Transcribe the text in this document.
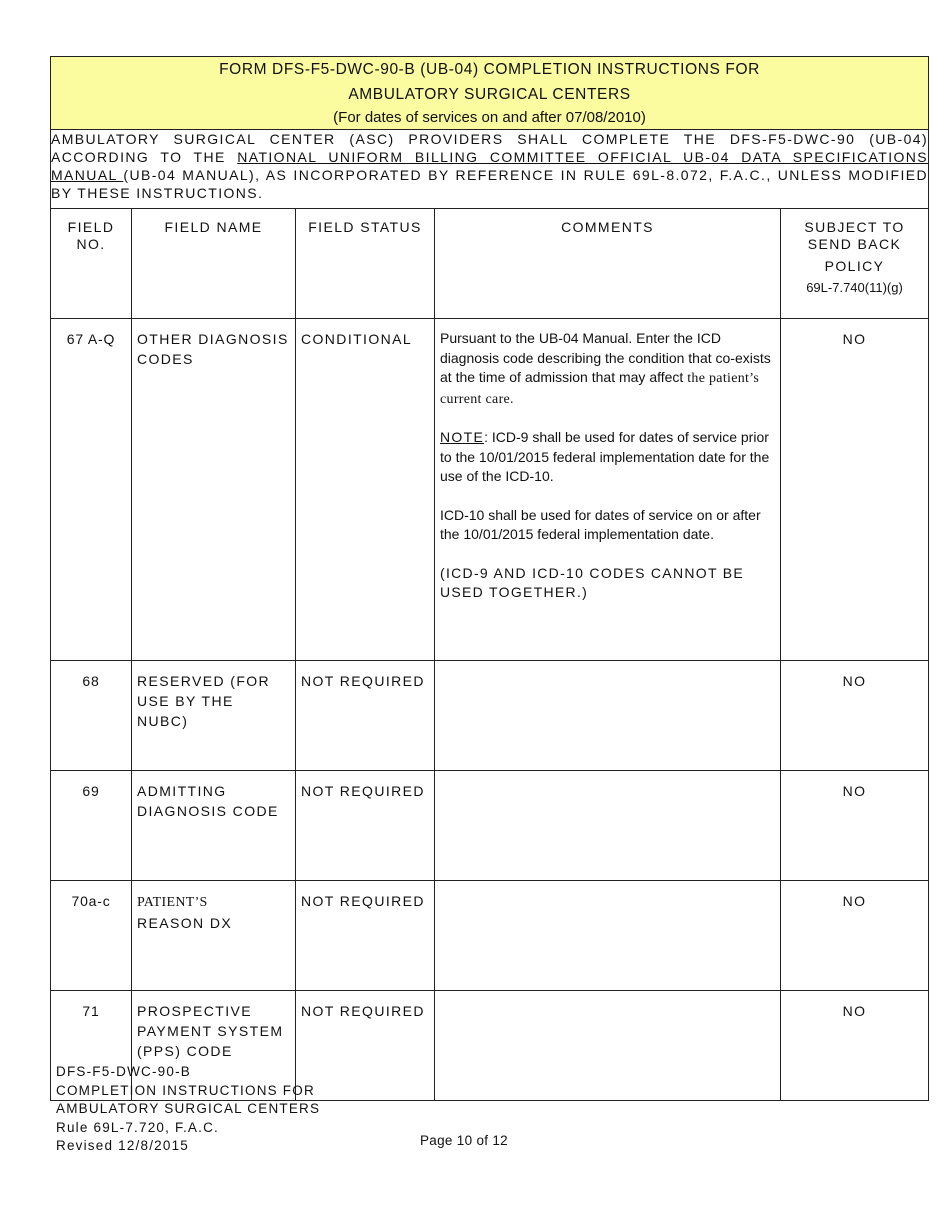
FORM DFS-F5-DWC-90-B (UB-04) COMPLETION INSTRUCTIONS FOR
AMBULATORY SURGICAL CENTERS
(For dates of services on and after 07/08/2010)				

AMBULATORY SURGICAL CENTER (ASC) PROVIDERS SHALL COMPLETE THE DFS-F5-DWC-90 (UB-04) ACCORDING TO THE NATIONAL UNIFORM BILLING COMMITTEE OFFICIAL UB-04 DATA SPECIFICATIONS MANUAL (UB-04 MANUAL), AS INCORPORATED BY REFERENCE IN RULE 69L-8.072, F.A.C., UNLESS MODIFIED BY THESE INSTRUCTIONS.				

FIELD
NO.	FIELD NAME	FIELD STATUS	COMMENTS	SUBJECT TO
SEND BACK
POLICY
69L-7.740(11)(g)

67 A-Q	OTHER DIAGNOSIS CODES	CONDITIONAL	Pursuant to the UB-04 Manual. Enter the ICD diagnosis code describing the condition that co-exists at the time of admission that may affect the patient’s current care.

NOTE: ICD-9 shall be used for dates of service prior to the 10/01/2015 federal implementation date for the use of the ICD-10.

ICD-10 shall be used for dates of service on or after the 10/01/2015 federal implementation date.

(ICD-9 AND ICD-10 CODES CANNOT BE USED TOGETHER.)	NO
68	RESERVED (FOR USE BY THE NUBC)	NOT REQUIRED		NO
69	ADMITTING DIAGNOSIS CODE	NOT REQUIRED		NO
70a-c	PATIENT’S
REASON DX	NOT REQUIRED		NO
71	PROSPECTIVE PAYMENT SYSTEM (PPS) CODE	NOT REQUIRED		NO
DFS-F5-DWC-90-B
COMPLETION INSTRUCTIONS FOR
AMBULATORY SURGICAL CENTERS
Rule 69L-7.720, F.A.C.
Revised 12/8/2015	Page 10 of 12
